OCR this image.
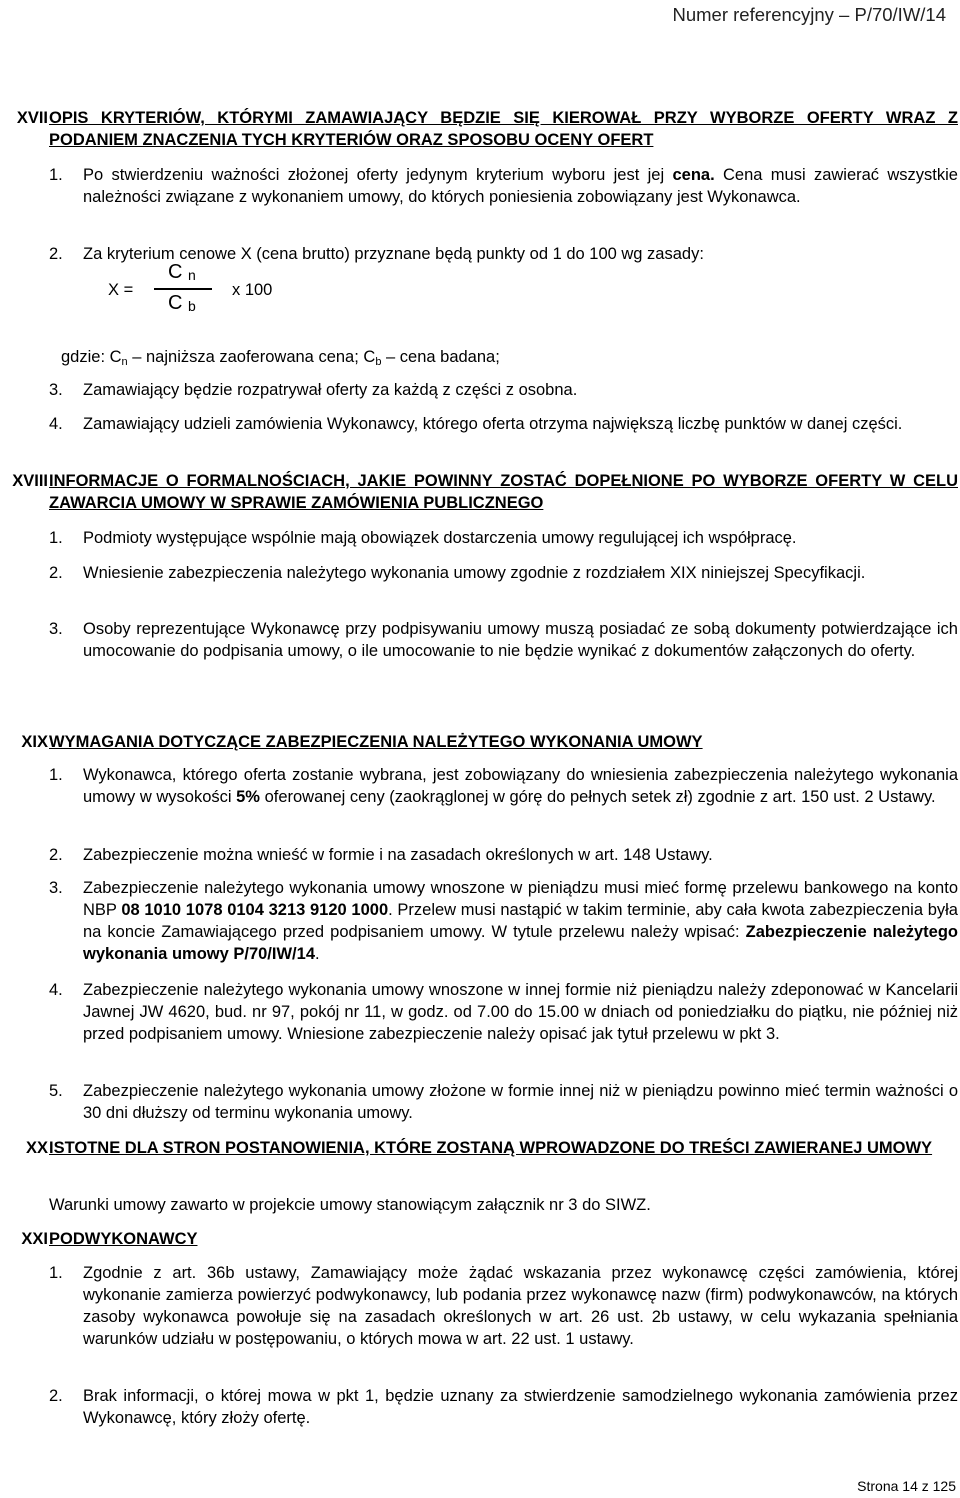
Numer referencyjny – P/70/IW/14
XVII OPIS KRYTERIÓW, KTÓRYMI ZAMAWIAJĄCY BĘDZIE SIĘ KIEROWAŁ PRZY WYBORZE OFERTY WRAZ Z PODANIEM ZNACZENIA TYCH KRYTERIÓW ORAZ SPOSOBU OCENY OFERT
1.	Po stwierdzeniu ważności złożonej oferty jedynym kryterium wyboru jest jej cena. Cena musi zawierać wszystkie należności związane z wykonaniem umowy, do których poniesienia zobowiązany jest Wykonawca.
2.	Za kryterium cenowe X (cena brutto) przyznane będą punkty od 1 do 100 wg zasady:
X =
C $_n$
C $_b$
x 100
gdzie: $C_n$ – najniższa zaoferowana cena; $C_b$ – cena badana;
3.	Zamawiający będzie rozpatrywał oferty za każdą z części z osobna.
4.	Zamawiający udzieli zamówienia Wykonawcy, którego oferta otrzyma największą liczbę punktów w danej części.
XVIII INFORMACJE O FORMALNOŚCIACH, JAKIE POWINNY ZOSTAĆ DOPEŁNIONE PO WYBORZE OFERTY W CELU ZAWARCIA UMOWY W SPRAWIE ZAMÓWIENIA PUBLICZNEGO
1.	Podmioty występujące wspólnie mają obowiązek dostarczenia umowy regulującej ich współpracę.
2.	Wniesienie zabezpieczenia należytego wykonania umowy zgodnie z rozdziałem XIX niniejszej Specyfikacji.
3.	Osoby reprezentujące Wykonawcę przy podpisywaniu umowy muszą posiadać ze sobą dokumenty potwierdzające ich umocowanie do podpisania umowy, o ile umocowanie to nie będzie wynikać z dokumentów załączonych do oferty.
XIX WYMAGANIA DOTYCZĄCE ZABEZPIECZENIA NALEŻYTEGO WYKONANIA UMOWY
1.	Wykonawca, którego oferta zostanie wybrana, jest zobowiązany do wniesienia zabezpieczenia należytego wykonania umowy w wysokości 5% oferowanej ceny (zaokrąglonej w górę do pełnych setek zł) zgodnie z art. 150 ust. 2 Ustawy.
2.	Zabezpieczenie można wnieść w formie i na zasadach określonych w art. 148 Ustawy.
3.	Zabezpieczenie należytego wykonania umowy wnoszone w pieniądzu musi mieć formę przelewu bankowego na konto NBP 08 1010 1078 0104 3213 9120 1000. Przelew musi nastąpić w takim terminie, aby cała kwota zabezpieczenia była na koncie Zamawiającego przed podpisaniem umowy. W tytule przelewu należy wpisać: Zabezpieczenie należytego wykonania umowy P/70/IW/14.
4.	Zabezpieczenie należytego wykonania umowy wnoszone w innej formie niż pieniądzu należy zdeponować w Kancelarii Jawnej JW 4620, bud. nr 97, pokój nr 11, w godz. od 7.00 do 15.00 w dniach od poniedziałku do piątku, nie później niż przed podpisaniem umowy. Wniesione zabezpieczenie należy opisać jak tytuł przelewu w pkt 3.
5.	Zabezpieczenie należytego wykonania umowy złożone w formie innej niż w pieniądzu powinno mieć termin ważności o 30 dni dłuższy od terminu wykonania umowy.
XX ISTOTNE DLA STRON POSTANOWIENIA, KTÓRE ZOSTANĄ WPROWADZONE DO TREŚCI ZAWIERANEJ UMOWY

Warunki umowy zawarto w projekcie umowy stanowiącym załącznik nr 3 do SIWZ.

XXI PODWYKONAWCY
1.	Zgodnie z art. 36b ustawy, Zamawiający może żądać wskazania przez wykonawcę części zamówienia, której wykonanie zamierza powierzyć podwykonawcy, lub podania przez wykonawcę nazw (firm) podwykonawców, na których zasoby wykonawca powołuje się na zasadach określonych w art. 26 ust. 2b ustawy, w celu wykazania spełniania warunków udziału w postępowaniu, o których mowa w art. 22 ust. 1 ustawy.
2.	Brak informacji, o której mowa w pkt 1, będzie uznany za stwierdzenie samodzielnego wykonania zamówienia przez Wykonawcę, który złoży ofertę.
Strona 14 z 125
